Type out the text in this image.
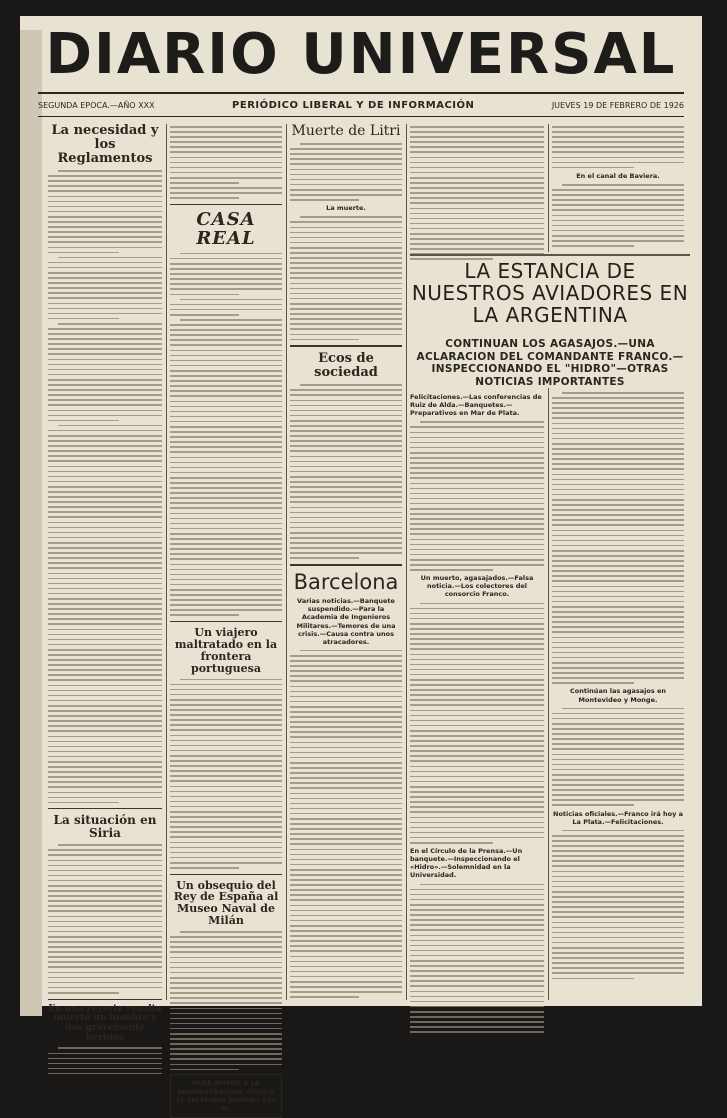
DIARIO UNIVERSAL
SEGUNDA EPOCA.—AÑO XXX	PERIÓDICO LIBERAL Y DE INFORMACIÓN	JUEVES 19 DE FEBRERO DE 1926
La necesidad y los Reglamentos
La situación en Siria
En una reyerta resulta muerto un hombre y dos gravemente heridos
CASA REAL
Un viajero maltratado en la frontera portuguesa
Un obsequio del Rey de España al Museo Naval de Milán
PARA AVISOS A LA ADMINISTRACION, UTILICE EL TELEFONO NUMERO 934 M.
Muerte de Litri
La muerte.
Ecos de sociedad
Barcelona
Varias noticias.—Banquete suspendido.—Para la Academia de Ingenieros Militares.—Temores de una crisis.—Causa contra unos atracadores.
En el canal de Baviera.
LA ESTANCIA DE NUESTROS AVIADORES EN LA ARGENTINA
CONTINUAN LOS AGASAJOS.—UNA ACLARACION DEL COMANDANTE FRANCO.—INSPECCIONANDO EL "HIDRO"—OTRAS NOTICIAS IMPORTANTES
Felicitaciones.—Las conferencias de Ruiz de Alda.—Banquetes.—Preparativos en Mar de Plata.
Un muerto, agasajados.—Falsa noticia.—Los colectores del consorcio Franco.
En el Círculo de la Prensa.—Un banquete.—Inspeccionando el «Hidro».—Solemnidad en la Universidad.
Continúan las agasajos en Montevideo y Monge.
Noticias oficiales.—Franco irá hoy a La Plata.—Felicitaciones.
